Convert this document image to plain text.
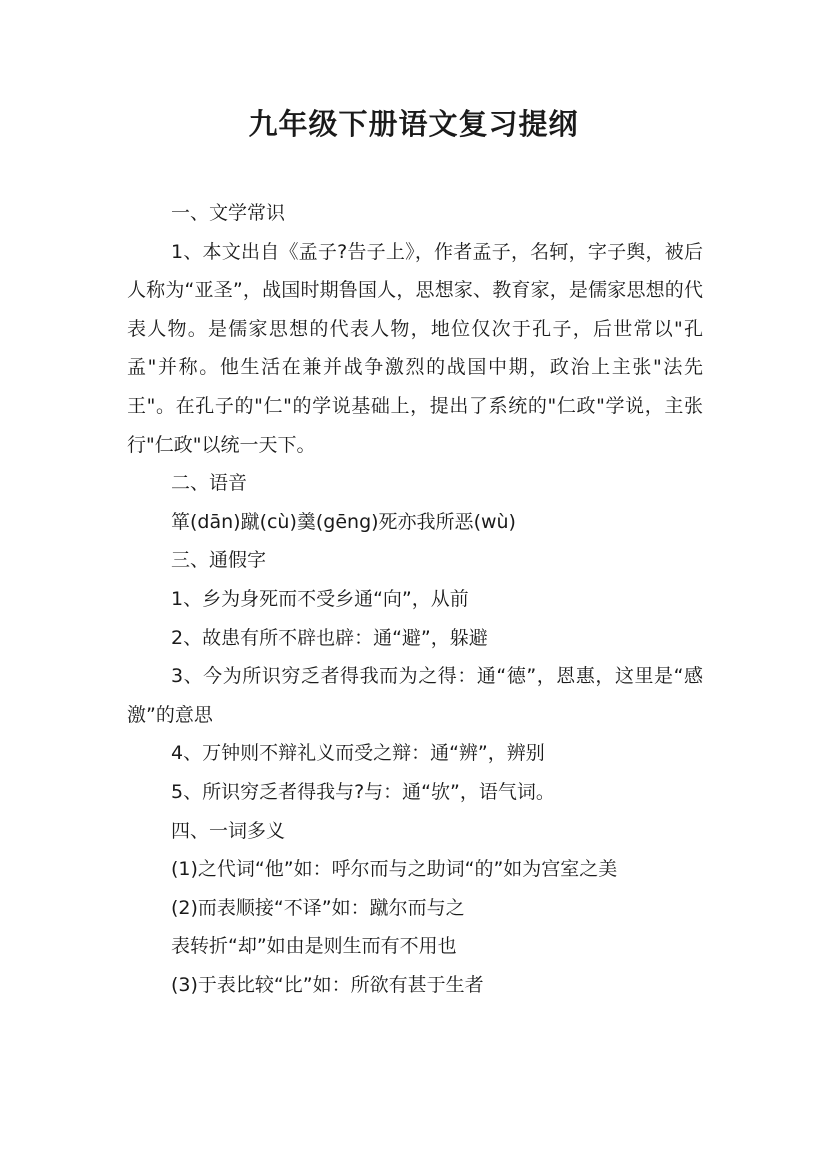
九年级下册语文复习提纲

一、文学常识

1、本文出自《孟子?告子上》，作者孟子，名轲，字子舆，被后人称为“亚圣”，战国时期鲁国人，思想家、教育家，是儒家思想的代表人物。是儒家思想的代表人物，地位仅次于孔子，后世常以"孔孟"并称。他生活在兼并战争激烈的战国中期，政治上主张"法先王"。在孔子的"仁"的学说基础上，提出了系统的"仁政"学说，主张行"仁政"以统一天下。

二、语音

箪(dān)蹴(cù)羹(gēng)死亦我所恶(wù)

三、通假字

1、乡为身死而不受乡通“向”，从前

2、故患有所不辟也辟：通“避”，躲避

3、今为所识穷乏者得我而为之得：通“德”，恩惠，这里是“感激”的意思

4、万钟则不辩礼义而受之辩：通“辨”，辨别

5、所识穷乏者得我与?与：通“欤”，语气词。

四、一词多义

(1)之代词“他”如：呼尔而与之助词“的”如为宫室之美

(2)而表顺接“不译”如：蹴尔而与之

表转折“却”如由是则生而有不用也

(3)于表比较“比”如：所欲有甚于生者
